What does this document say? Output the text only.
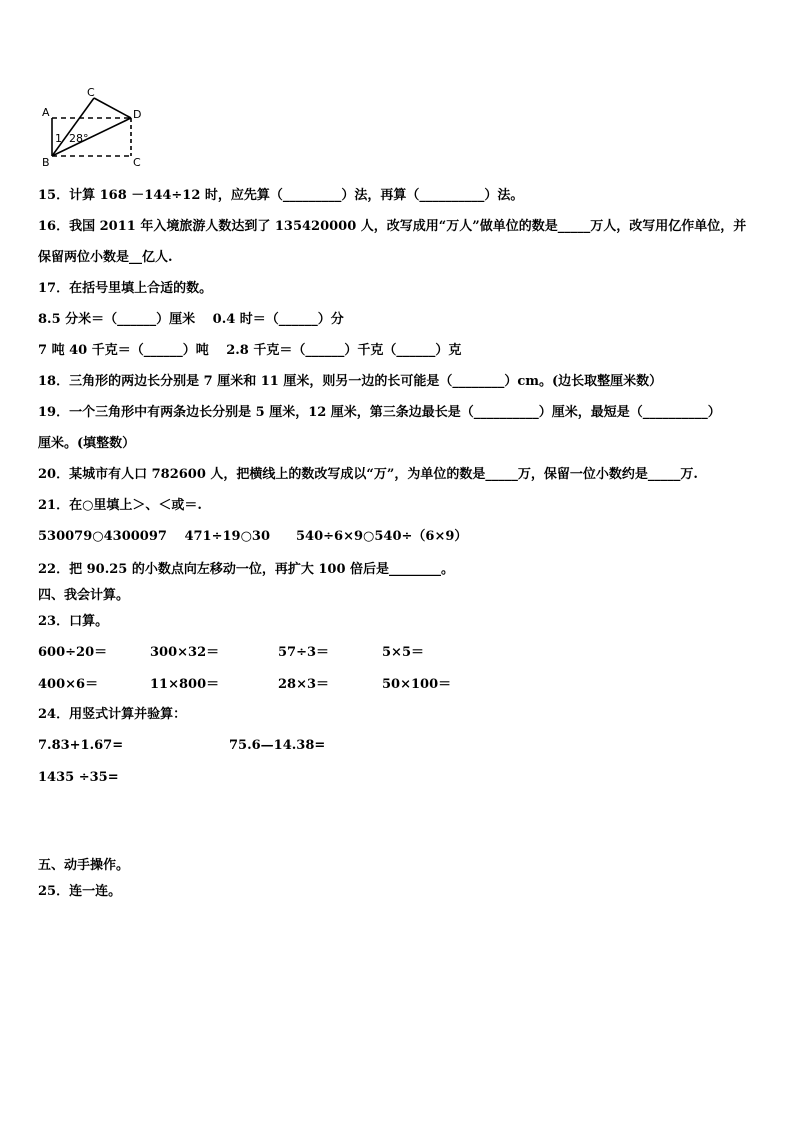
A
B
C
D
C
1 28°
15．计算 168 －144÷12 时，应先算（_________）法，再算（__________）法。
16．我国 2011 年入境旅游人数达到了 135420000 人，改写成用“万人”做单位的数是_____万人，改写用亿作单位，并
保留两位小数是__亿人.
17．在括号里填上合适的数。
8.5 分米＝（______）厘米　 0.4 时＝（______）分
7 吨 40 千克＝（______）吨　 2.8 千克＝（______）千克（______）克
18．三角形的两边长分别是 7 厘米和 11 厘米，则另一边的长可能是（________）cm。(边长取整厘米数）
19．一个三角形中有两条边长分别是 5 厘米，12 厘米，第三条边最长是（__________）厘米，最短是（__________）
厘米。(填整数）
20．某城市有人口 782600 人，把横线上的数改写成以“万”，为单位的数是_____万，保留一位小数约是_____万.
21．在○里填上＞、＜或＝.
530079○4300097　 471÷19○30　　540÷6×9○540÷（6×9）
22．把 90.25 的小数点向左移动一位，再扩大 100 倍后是________。
四、我会计算。
23．口算。
600÷20＝	300×32＝	57÷3＝	5×5＝
400×6＝	11×800＝	28×3＝	50×100＝
24．用竖式计算并验算：
7.83+1.67=	75.6—14.38=
1435 ÷35=
五、动手操作。
25．连一连。
